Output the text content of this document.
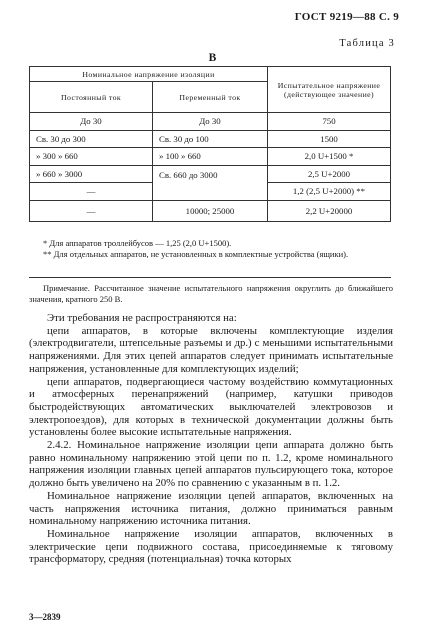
ГОСТ 9219—88 С. 9
Таблица 3
В
Номинальное напряжение изоляции		Испытательное напряжение (действующее значение)
Постоянный ток	Переменный ток	
До 30	До 30	750
Св. 30 до 300	Св. 30 до 100	1500
» 300 » 660	» 100 » 660	2,0 U+1500 *
» 660 » 3000	Св. 660 до 3000	2,5 U+2000
—		1,2 (2,5 U+2000) **
—	10000; 25000	2,2 U+20000
* Для аппаратов троллейбусов — 1,25 (2,0 U+1500).
** Для отдельных аппаратов, не установленных в комплектные устройства (ящики).
Примечание. Рассчитанное значение испытательного напряжения округлить до ближайшего значения, кратного 250 В.

Эти требования не распространяются на:

цепи аппаратов, в которые включены комплектующие изделия (электродвигатели, штепсельные разъемы и др.) с меньшими испытательными напряжениями. Для этих цепей аппаратов следует принимать испытательные напряжения, установленные для комплектующих изделий;

цепи аппаратов, подвергающиеся частому воздействию коммутационных и атмосферных перенапряжений (например, катушки приводов быстродействующих автоматических выключателей электровозов и электропоездов), для которых в технической документации должны быть установлены более высокие испытательные напряжения.

2.4.2. Номинальное напряжение изоляции цепи аппарата должно быть равно номинальному напряжению этой цепи по п. 1.2, кроме номинального напряжения изоляции главных цепей аппаратов пульсирующего тока, которое должно быть увеличено на 20% по сравнению с указанным в п. 1.2.

Номинальное напряжение изоляции цепей аппаратов, включенных на часть напряжения источника питания, должно приниматься равным номинальному напряжению источника питания.

Номинальное напряжение изоляции аппаратов, включенных в электрические цепи подвижного состава, присоединяемые к тяговому трансформатору, средняя (потенциальная) точка которых

3—2839
